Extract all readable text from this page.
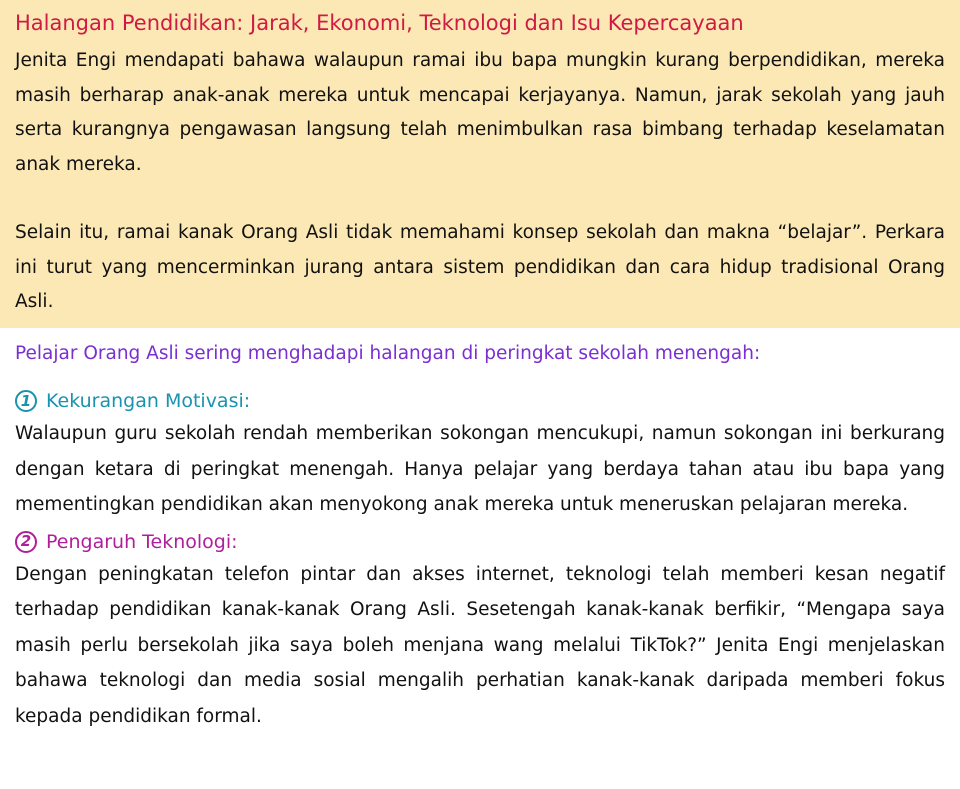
Halangan Pendidikan: Jarak, Ekonomi, Teknologi dan Isu Kepercayaan

Jenita Engi mendapati bahawa walaupun ramai ibu bapa mungkin kurang berpendidikan, mereka masih berharap anak-anak mereka untuk mencapai kerjayanya. Namun, jarak sekolah yang jauh serta kurangnya pengawasan langsung telah menimbulkan rasa bimbang terhadap keselamatan anak mereka.

Selain itu, ramai kanak Orang Asli tidak memahami konsep sekolah dan makna “belajar”. Perkara ini turut yang mencerminkan jurang antara sistem pendidikan dan cara hidup tradisional Orang Asli.

Pelajar Orang Asli sering menghadapi halangan di peringkat sekolah menengah:

1 Kekurangan Motivasi:

Walaupun guru sekolah rendah memberikan sokongan mencukupi, namun sokongan ini berkurang dengan ketara di peringkat menengah. Hanya pelajar yang berdaya tahan atau ibu bapa yang mementingkan pendidikan akan menyokong anak mereka untuk meneruskan pelajaran mereka.

2 Pengaruh Teknologi:

Dengan peningkatan telefon pintar dan akses internet, teknologi telah memberi kesan negatif terhadap pendidikan kanak-kanak Orang Asli. Sesetengah kanak-kanak berfikir, “Mengapa saya masih perlu bersekolah jika saya boleh menjana wang melalui TikTok?” Jenita Engi menjelaskan bahawa teknologi dan media sosial mengalih perhatian kanak-kanak daripada memberi fokus kepada pendidikan formal.
